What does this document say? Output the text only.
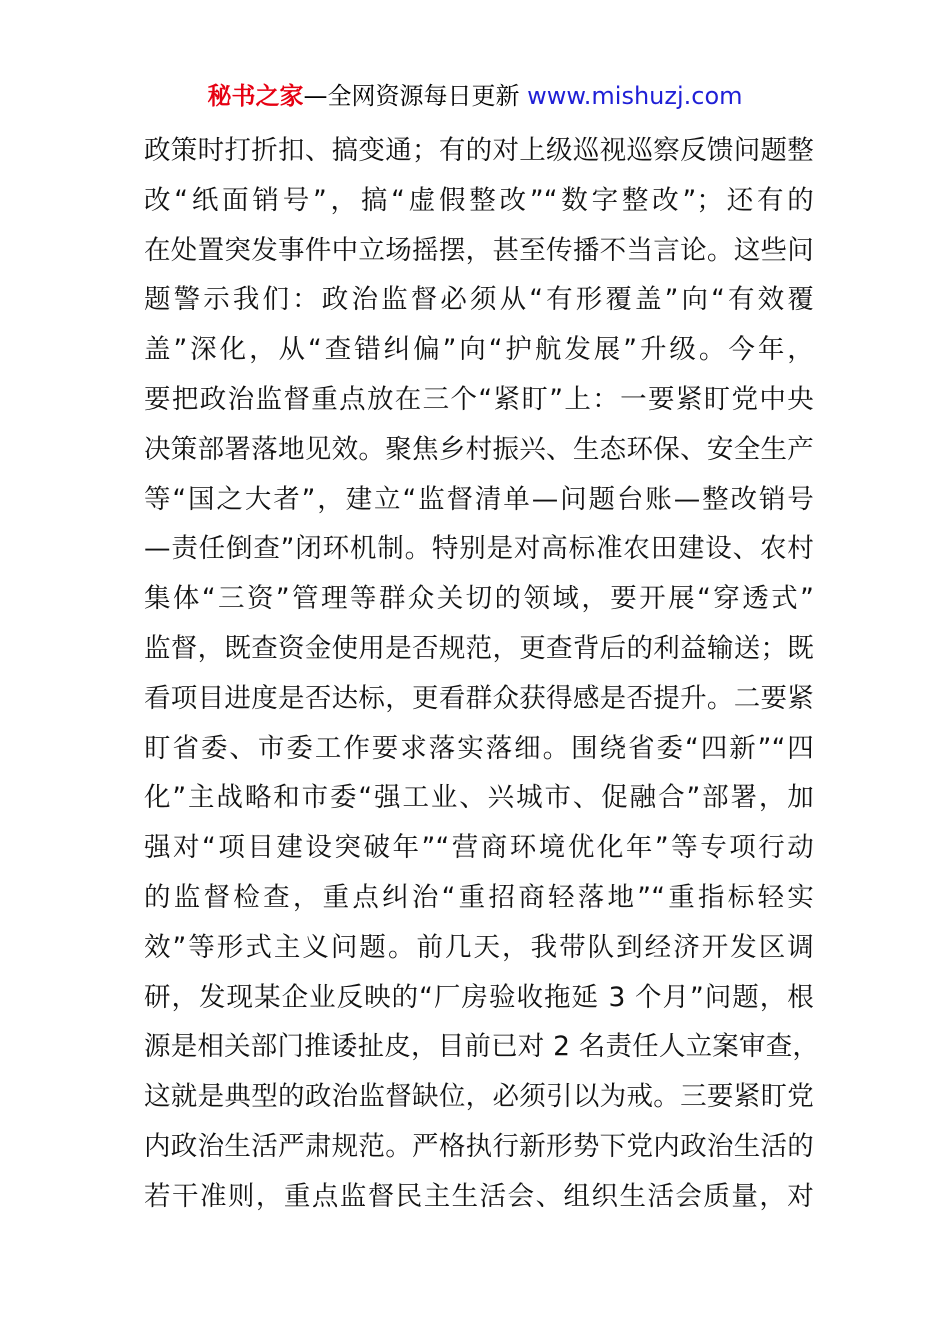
秘书之家—全网资源每日更新 www.mishuzj.com
政策时打折扣、搞变通；有的对上级巡视巡察反馈问题整
改“纸面销号”，搞“虚假整改”“数字整改”；还有的
在处置突发事件中立场摇摆，甚至传播不当言论。这些问
题警示我们：政治监督必须从“有形覆盖”向“有效覆
盖”深化，从“查错纠偏”向“护航发展”升级。今年，
要把政治监督重点放在三个“紧盯”上：一要紧盯党中央
决策部署落地见效。聚焦乡村振兴、生态环保、安全生产
等“国之大者”，建立“监督清单—问题台账—整改销号
—责任倒查”闭环机制。特别是对高标准农田建设、农村
集体“三资”管理等群众关切的领域，要开展“穿透式”
监督，既查资金使用是否规范，更查背后的利益输送；既
看项目进度是否达标，更看群众获得感是否提升。二要紧
盯省委、市委工作要求落实落细。围绕省委“四新”“四
化”主战略和市委“强工业、兴城市、促融合”部署，加
强对“项目建设突破年”“营商环境优化年”等专项行动
的监督检查，重点纠治“重招商轻落地”“重指标轻实
效”等形式主义问题。前几天，我带队到经济开发区调
研，发现某企业反映的“厂房验收拖延 3 个月”问题，根
源是相关部门推诿扯皮，目前已对 2 名责任人立案审查，
这就是典型的政治监督缺位，必须引以为戒。三要紧盯党
内政治生活严肃规范。严格执行新形势下党内政治生活的
若干准则，重点监督民主生活会、组织生活会质量，对
